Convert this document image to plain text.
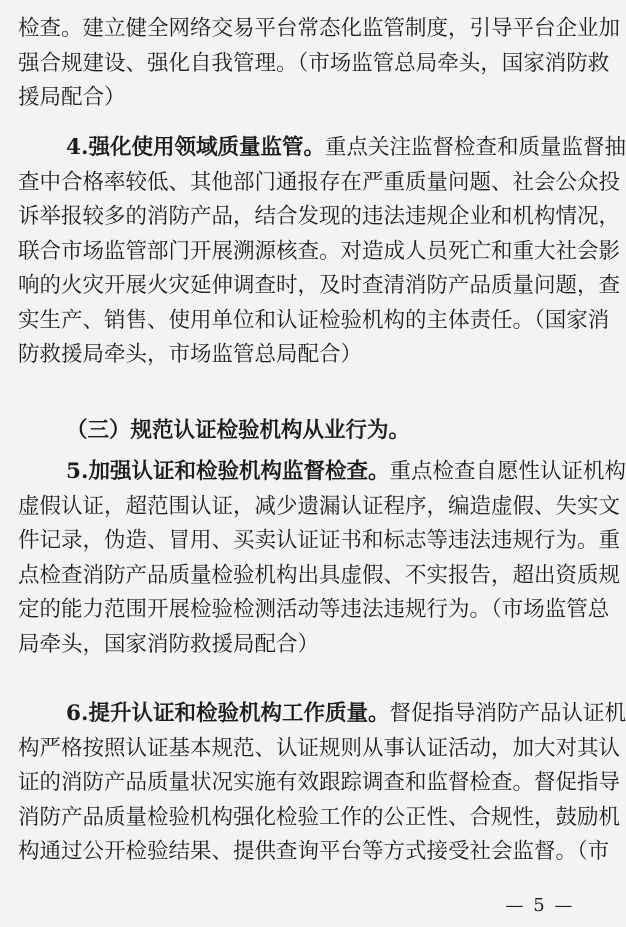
检查。建立健全网络交易平台常态化监管制度，引导平台企业加
强合规建设、强化自我管理。（市场监管总局牵头，国家消防救
援局配合）
4.强化使用领域质量监管。重点关注监督检查和质量监督抽
查中合格率较低、其他部门通报存在严重质量问题、社会公众投
诉举报较多的消防产品，结合发现的违法违规企业和机构情况，
联合市场监管部门开展溯源核查。对造成人员死亡和重大社会影
响的火灾开展火灾延伸调查时，及时查清消防产品质量问题，查
实生产、销售、使用单位和认证检验机构的主体责任。（国家消
防救援局牵头，市场监管总局配合）
（三）规范认证检验机构从业行为。
5.加强认证和检验机构监督检查。重点检查自愿性认证机构
虚假认证，超范围认证，减少遗漏认证程序，编造虚假、失实文
件记录，伪造、冒用、买卖认证证书和标志等违法违规行为。重
点检查消防产品质量检验机构出具虚假、不实报告，超出资质规
定的能力范围开展检验检测活动等违法违规行为。（市场监管总
局牵头，国家消防救援局配合）
6.提升认证和检验机构工作质量。督促指导消防产品认证机
构严格按照认证基本规范、认证规则从事认证活动，加大对其认
证的消防产品质量状况实施有效跟踪调查和监督检查。督促指导
消防产品质量检验机构强化检验工作的公正性、合规性，鼓励机
构通过公开检验结果、提供查询平台等方式接受社会监督。（市
— 5 —
